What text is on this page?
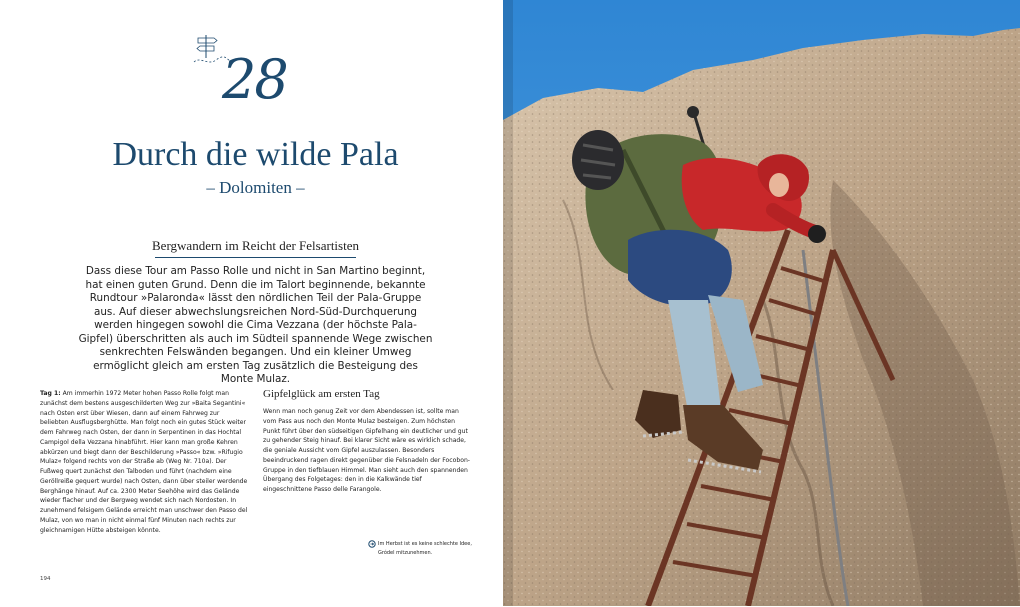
28
Durch die wilde Pala
– Dolomiten –
Bergwandern im Reicht der Felsartisten

Dass diese Tour am Passo Rolle und nicht in San Martino beginnt, hat einen guten Grund. Denn die im Talort beginnende, bekannte Rundtour »Palaronda« lässt den nördlichen Teil der Pala-Gruppe aus. Auf dieser abwechslungsreichen Nord-Süd-Durchquerung werden hingegen sowohl die Cima Vezzana (der höchste Pala-Gipfel) überschritten als auch im Südteil spannende Wege zwischen senkrechten Felswänden begangen. Und ein kleiner Umweg ermöglicht gleich am ersten Tag zusätzlich die Besteigung des Monte Mulaz.

Tag 1: Am immerhin 1972 Meter hohen Passo Rolle folgt man zunächst dem bestens ausgeschilderten Weg zur »Baita Segantini« nach Osten erst über Wiesen, dann auf einem Fahrweg zur beliebten Ausflugsberghütte. Man folgt noch ein gutes Stück weiter dem Fahrweg nach Osten, der dann in Serpentinen in das Hochtal Campigol della Vezzana hinabführt. Hier kann man große Kehren abkürzen und biegt dann der Beschilderung »Passo« bzw. »Rifugio Mulaz« folgend rechts von der Straße ab (Weg Nr. 710a). Der Fußweg quert zunächst den Talboden und führt (nachdem eine Geröllreiße gequert wurde) nach Osten, dann über steiler werdende Berghänge hinauf. Auf ca. 2300 Meter Seehöhe wird das Gelände wieder flacher und der Bergweg wendet sich nach Nordosten. In zunehmend felsigem Gelände erreicht man unschwer den Passo del Mulaz, von wo man in nicht einmal fünf Minuten nach rechts zur gleichnamigen Hütte absteigen könnte.

Gipfelglück am ersten Tag

Wenn man noch genug Zeit vor dem Abendessen ist, sollte man vom Pass aus noch den Monte Mulaz besteigen. Zum höchsten Punkt führt über den südseitigen Gipfelhang ein deutlicher und gut zu gehender Steig hinauf. Bei klarer Sicht wäre es wirklich schade, die geniale Aussicht vom Gipfel auszulassen. Besonders beeindruckend ragen direkt gegenüber die Felsnadeln der Focobon-Gruppe in den tiefblauen Himmel. Man sieht auch den spannenden Übergang des Folgetages: den in die Kalkwände tief eingeschnittene Passo delle Farangole.

Im Herbst ist es keine schlechte Idee, Gródel mitzunehmen.

194
